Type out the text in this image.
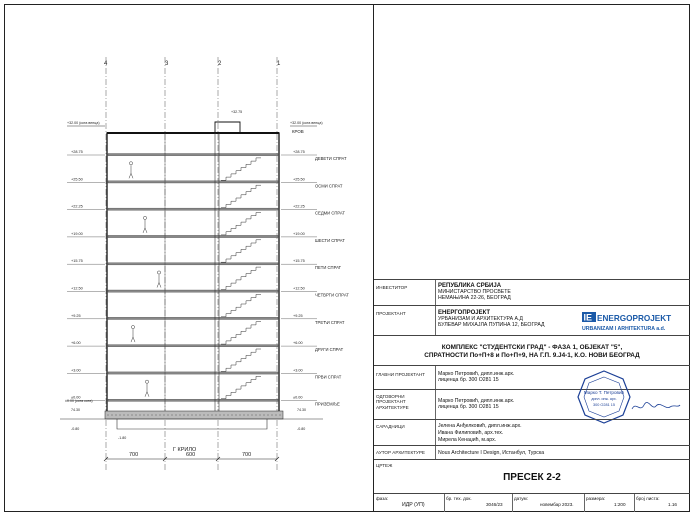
4	3	2	1
+32.00 (кота венца)
+32.75
+32.00 (кота венца)
КРОВ
+28.75	+28.75
ДЕВЕТИ СПРАТ
+25.50	+25.50
ОСМИ СПРАТ
+22.25	+22.25
СЕДМИ СПРАТ
+19.00	+19.00
ШЕСТИ СПРАТ
+15.75	+15.75
ПЕТИ СПРАТ
+12.50	+12.50
ЧЕТВРТИ СПРАТ
+9.25	+9.25
ТРЕЋИ СПРАТ
+6.00	+6.00
ДРУГИ СПРАТ
+3.00	+3.00
ПРВИ СПРАТ
±0.00	±0.00
ПРИЗЕМЉЕ
±0.00 (кота кота)
74.30
-0.80
74.30
-0.80
-1.80
Г КРИЛО
700	600	700
ИНВЕСТИТОР	РЕПУБЛИКА СРБИЈА
МИНИСТАРСТВО ПРОСВЕТЕ
НЕМАЊИНА 22-26, БЕОГРАД
ПРОЈЕКТАНТ	ЕНЕРГОПРОЈЕКТ
УРБАНИЗАМ И АРХИТЕКТУРА А.Д
БУЛЕВАР МИХАЈЛА ПУПИНА 12, БЕОГРАД
IE ENERGOPROJEKT
URBANIZAM I ARHITEKTURA a.d.
КОМПЛЕКС "СТУДЕНТСКИ ГРАД" - ФАЗА 1, ОБЈЕКАТ "5",
СПРАТНОСТИ По+П+8 и По+П+9, НА Г.П. 9.Ј4-1, К.О. НОВИ БЕОГРАД
ГЛАВНИ ПРОЈЕКТАНТ	Марко Петровић, дипл.инж.арх.
лиценца бр. 300 О281 15
ОДГОВОРНИ
ПРОЈЕКТАНТ
АРХИТЕКТУРЕ
Марко Петровић, дипл.инж.арх.
лиценца бр. 300 О281 15
Марко Т. Петровић
дипл. инж. арх.
300 О281 15
САРАДНИЦИ	Јелена Анђелковић, дипл.инж.арх.
Ивана Филиповић, арх.тех.
Мирела Кенаџић, м.арх.
АУТОР АРХИТЕКТУРЕ	Nous Architecture I Design, Истанбул, Турска
ЦРТЕЖ
ПРЕСЕК 2-2
фаза:
ИДР (УП)
бр. тех. док.
3046/23
датум:
новембар 2023.
размера:
1:200
број листа:
1.16
